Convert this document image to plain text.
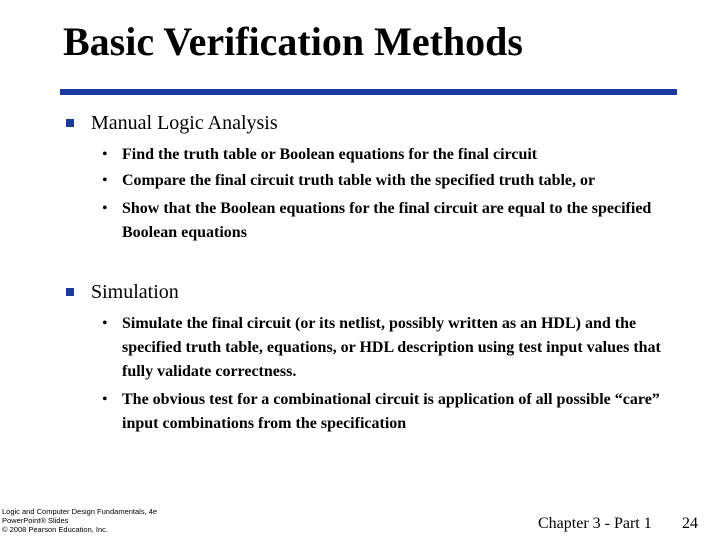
Basic Verification Methods
Manual Logic Analysis
• Find the truth table or Boolean equations for the final circuit
• Compare the final circuit truth table with the specified truth table, or
• Show that the Boolean equations for the final circuit are equal to the specified Boolean equations
Simulation
• Simulate the final circuit (or its netlist, possibly written as an HDL) and the specified truth table, equations, or HDL description using test input values that fully validate correctness.
• The obvious test for a combinational circuit is application of all possible “care” input combinations from the specification
Logic and Computer Design Fundamentals, 4e
PowerPoint® Slides
© 2008 Pearson Education, Inc.	Chapter 3 - Part 1 24
